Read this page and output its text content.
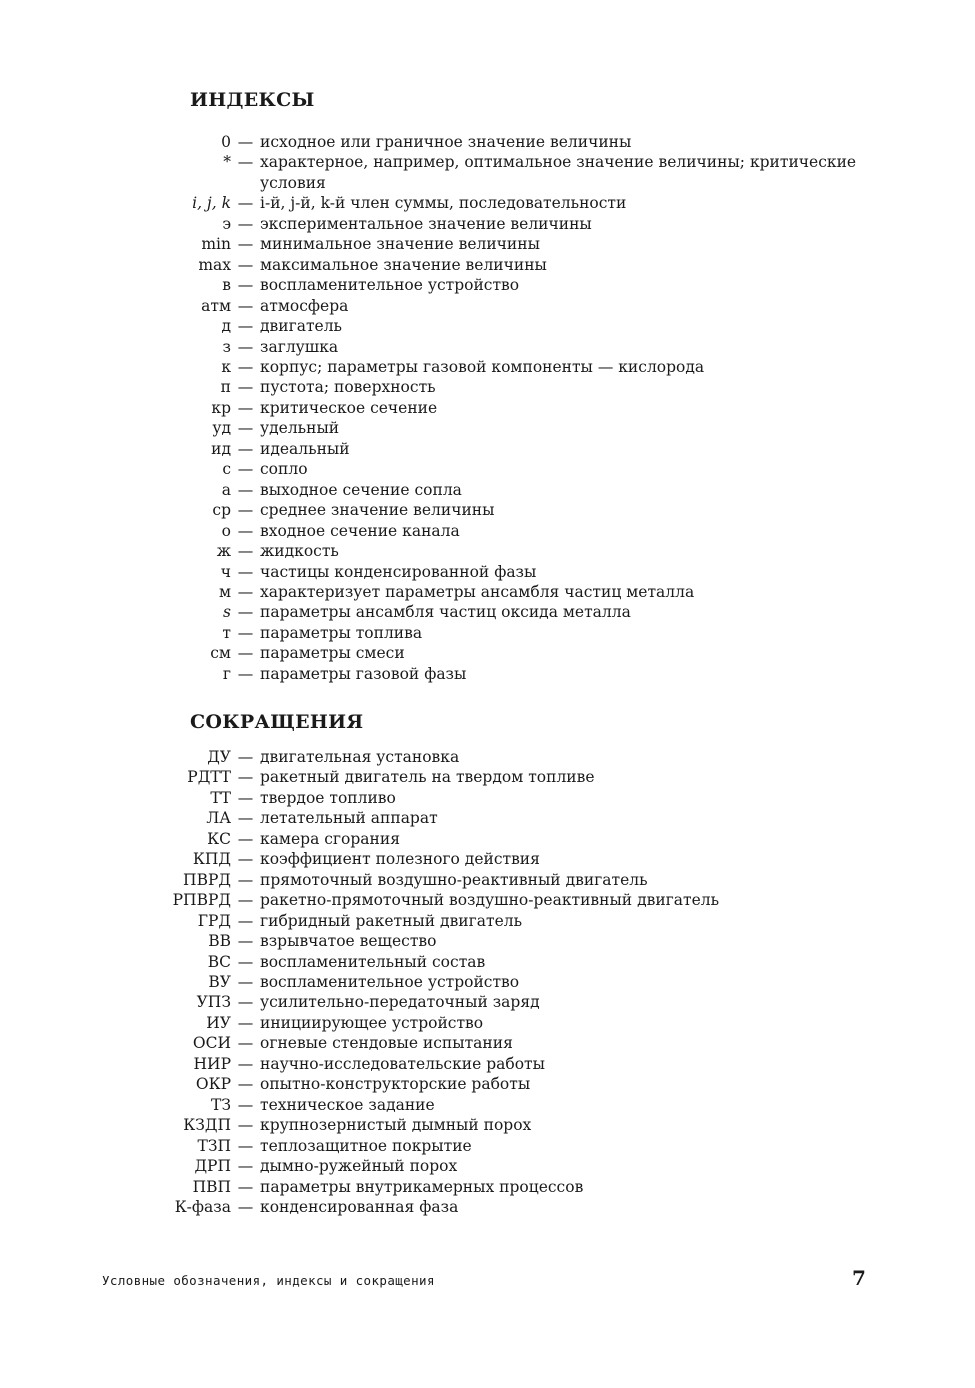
ИНДЕКСЫ
0 — исходное или граничное значение величины
* — характерное, например, оптимальное значение величины; критические условия
i, j, k — i-й, j-й, k-й член суммы, последовательности
э — экспериментальное значение величины
min — минимальное значение величины
max — максимальное значение величины
в — воспламенительное устройство
атм — атмосфера
д — двигатель
з — заглушка
к — корпус; параметры газовой компоненты — кислорода
п — пустота; поверхность
кр — критическое сечение
уд — удельный
ид — идеальный
с — сопло
а — выходное сечение сопла
ср — среднее значение величины
о — входное сечение канала
ж — жидкость
ч — частицы конденсированной фазы
м — характеризует параметры ансамбля частиц металла
s — параметры ансамбля частиц оксида металла
т — параметры топлива
см — параметры смеси
г — параметры газовой фазы
СОКРАЩЕНИЯ
ДУ — двигательная установка
РДТТ — ракетный двигатель на твердом топливе
ТТ — твердое топливо
ЛА — летательный аппарат
КС — камера сгорания
КПД — коэффициент полезного действия
ПВРД — прямоточный воздушно-реактивный двигатель
РПВРД — ракетно-прямоточный воздушно-реактивный двигатель
ГРД — гибридный ракетный двигатель
ВВ — взрывчатое вещество
ВС — воспламенительный состав
ВУ — воспламенительное устройство
УПЗ — усилительно-передаточный заряд
ИУ — инициирующее устройство
ОСИ — огневые стендовые испытания
НИР — научно-исследовательские работы
ОКР — опытно-конструкторские работы
ТЗ — техническое задание
КЗДП — крупнозернистый дымный порох
ТЗП — теплозащитное покрытие
ДРП — дымно-ружейный порох
ПВП — параметры внутрикамерных процессов
К-фаза — конденсированная фаза
Условные обозначения, индексы и сокращения	7
